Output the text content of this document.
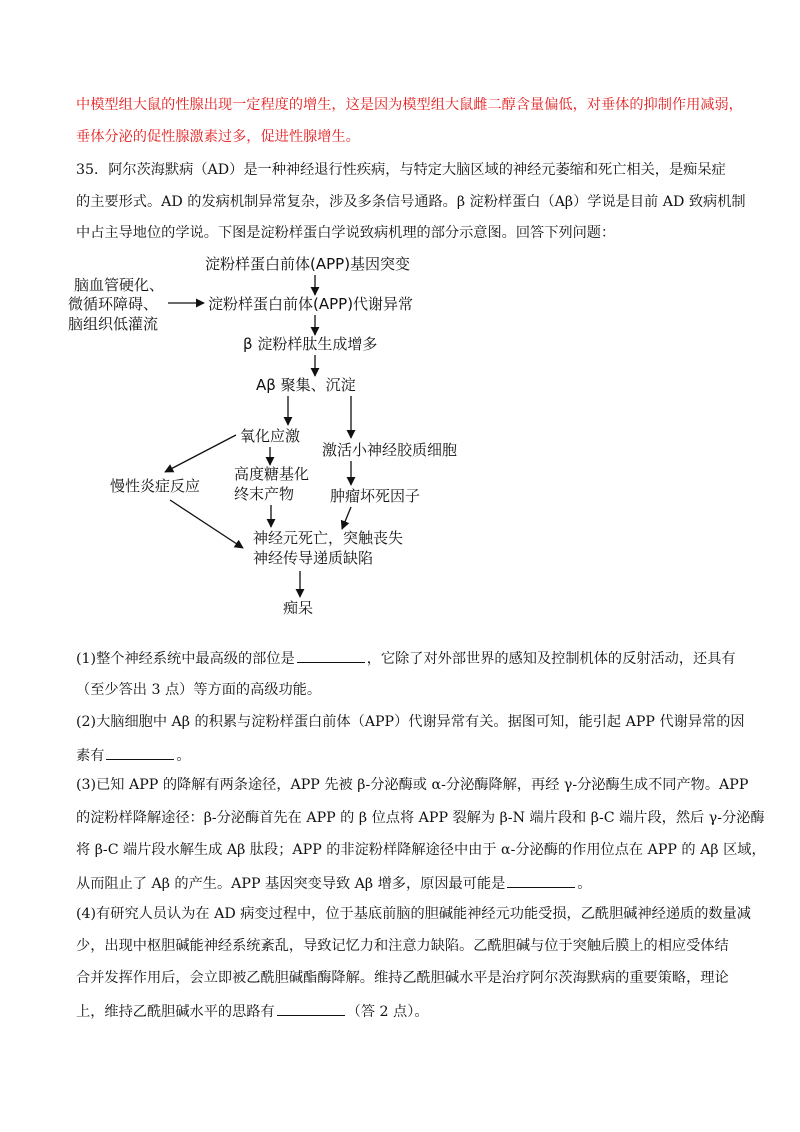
中模型组大鼠的性腺出现一定程度的增生，这是因为模型组大鼠雌二醇含量偏低，对垂体的抑制作用减弱，
垂体分泌的促性腺激素过多，促进性腺增生。
35．阿尔茨海默病（AD）是一种神经退行性疾病，与特定大脑区域的神经元萎缩和死亡相关，是痴呆症
的主要形式。AD 的发病机制异常复杂，涉及多条信号通路。β 淀粉样蛋白（Aβ）学说是目前 AD 致病机制
中占主导地位的学说。下图是淀粉样蛋白学说致病机理的部分示意图。回答下列问题：
淀粉样蛋白前体(APP)基因突变
脑血管硬化、
微循环障碍、
脑组织低灌流
淀粉样蛋白前体(APP)代谢异常
β 淀粉样肽生成增多
Aβ 聚集、沉淀
氧化应激
激活小神经胶质细胞
高度糖基化
终末产物
慢性炎症反应
肿瘤坏死因子
神经元死亡，突触丧失
神经传导递质缺陷
痴呆
(1)整个神经系统中最高级的部位是	，它除了对外部世界的感知及控制机体的反射活动，还具有
（至少答出 3 点）等方面的高级功能。
(2)大脑细胞中 Aβ 的积累与淀粉样蛋白前体（APP）代谢异常有关。据图可知，能引起 APP 代谢异常的因
素有	。
(3)已知 APP 的降解有两条途径，APP 先被 β-分泌酶或 α-分泌酶降解，再经 γ-分泌酶生成不同产物。APP
的淀粉样降解途径：β-分泌酶首先在 APP 的 β 位点将 APP 裂解为 β-N 端片段和 β-C 端片段，然后 γ-分泌酶
将 β-C 端片段水解生成 Aβ 肽段；APP 的非淀粉样降解途径中由于 α-分泌酶的作用位点在 APP 的 Aβ 区域，
从而阻止了 Aβ 的产生。APP 基因突变导致 Aβ 增多，原因最可能是	。
(4)有研究人员认为在 AD 病变过程中，位于基底前脑的胆碱能神经元功能受损，乙酰胆碱神经递质的数量减
少，出现中枢胆碱能神经系统紊乱，导致记忆力和注意力缺陷。乙酰胆碱与位于突触后膜上的相应受体结
合并发挥作用后，会立即被乙酰胆碱酯酶降解。维持乙酰胆碱水平是治疗阿尔茨海默病的重要策略，理论
上，维持乙酰胆碱水平的思路有	（答 2 点）。
